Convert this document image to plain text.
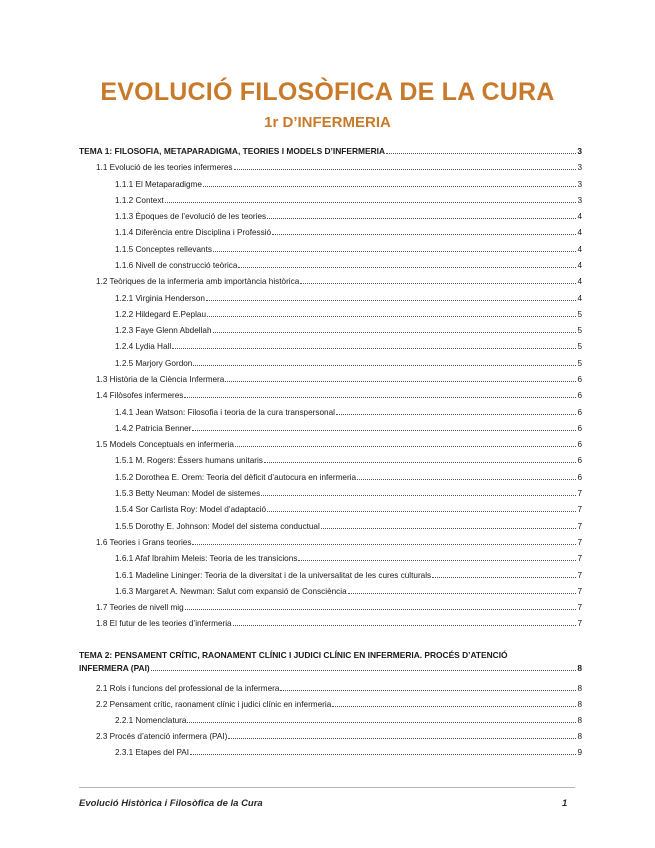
EVOLUCIÓ FILOSÒFICA DE LA CURA
1r D’INFERMERIA
TEMA 1: FILOSOFIA, METAPARADIGMA, TEORIES I MODELS D’INFERMERIA	3
1.1 Evolució de les teories infermeres	3
1.1.1 El Metaparadigme	3
1.1.2 Context	3
1.1.3 Èpoques de l’evolució de les teories	4
1.1.4 Diferència entre Disciplina i Professió	4
1.1.5 Conceptes rellevants	4
1.1.6 Nivell de construcció teòrica	4
1.2 Teòriques de la infermeria amb importància històrica	4
1.2.1 Virginia Henderson	4
1.2.2 Hildegard E.Peplau	5
1.2.3 Faye Glenn Abdellah	5
1.2.4 Lydia Hall	5
1.2.5 Marjory Gordon	5
1.3 Història de la Ciència Infermera	6
1.4 Filòsofes infermeres	6
1.4.1 Jean Watson: Filosofia i teoria de la cura transpersonal	6
1.4.2 Patricia Benner	6
1.5 Models Conceptuals en infermeria	6
1.5.1 M. Rogers: Éssers humans unitaris	6
1.5.2 Dorothea E. Orem: Teoria del dèficit d’autocura en infermeria	6
1.5.3 Betty Neuman: Model de sistemes	7
1.5.4 Sor Carlista Roy: Model d’adaptació	7
1.5.5 Dorothy E. Johnson: Model del sistema conductual	7
1.6 Teories i Grans teories	7
1.6.1 Afaf Ibrahim Meleis: Teoria de les transicions	7
1.6.1 Madeline Lininger: Teoria de la diversitat i de la universalitat de les cures culturals	7
1.6.3 Margaret A. Newman: Salut com expansió de Consciència	7
1.7 Teories de nivell mig	7
1.8 El futur de les teories d’infermeria	7
TEMA 2: PENSAMENT CRÍTIC, RAONAMENT CLÍNIC I JUDICI CLÍNIC EN INFERMERIA. PROCÉS D’ATENCIÓ
INFERMERA (PAI)	8
2.1 Rols i funcions del professional de la infermera	8
2.2 Pensament crític, raonament clínic i judici clínic en infermeria	8
2.2.1 Nomenclatura	8
2.3 Procés d’atenció infermera (PAI)	8
2.3.1 Etapes del PAI	9
Evolució Històrica i Filosòfica de la Cura	1
